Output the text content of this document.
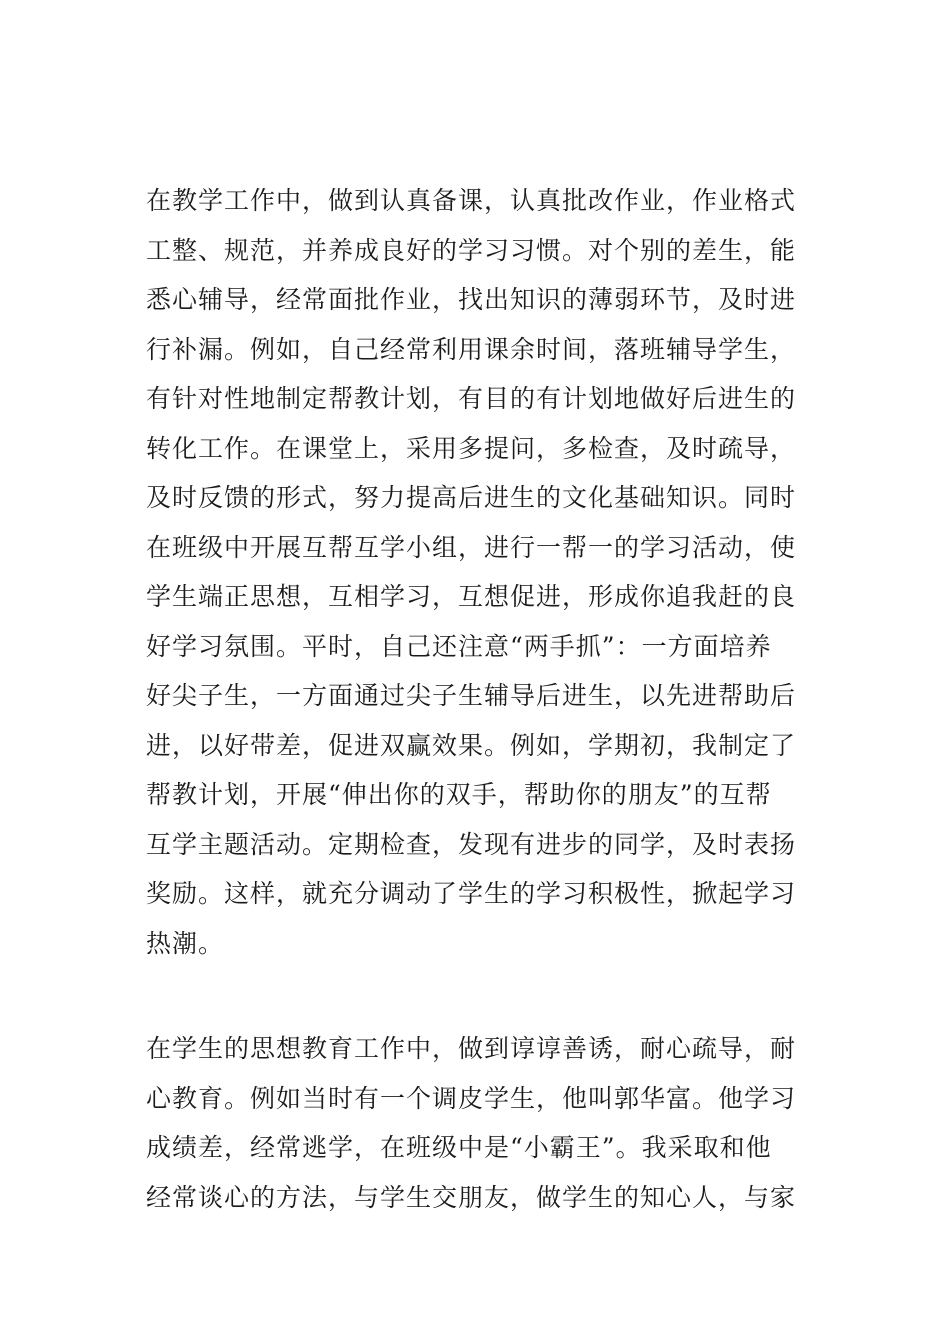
在教学工作中，做到认真备课，认真批改作业，作业格式
工整、规范，并养成良好的学习习惯。对个别的差生，能
悉心辅导，经常面批作业，找出知识的薄弱环节，及时进
行补漏。例如，自己经常利用课余时间，落班辅导学生，
有针对性地制定帮教计划，有目的有计划地做好后进生的
转化工作。在课堂上，采用多提问，多检查，及时疏导，
及时反馈的形式，努力提高后进生的文化基础知识。同时
在班级中开展互帮互学小组，进行一帮一的学习活动，使
学生端正思想，互相学习，互想促进，形成你追我赶的良
好学习氛围。平时，自己还注意“两手抓”：一方面培养
好尖子生，一方面通过尖子生辅导后进生，以先进帮助后
进，以好带差，促进双赢效果。例如，学期初，我制定了
帮教计划，开展“伸出你的双手，帮助你的朋友”的互帮
互学主题活动。定期检查，发现有进步的同学，及时表扬
奖励。这样，就充分调动了学生的学习积极性，掀起学习
热潮。

在学生的思想教育工作中，做到谆谆善诱，耐心疏导，耐
心教育。例如当时有一个调皮学生，他叫郭华富。他学习
成绩差，经常逃学，在班级中是“小霸王”。我采取和他
经常谈心的方法，与学生交朋友，做学生的知心人，与家
